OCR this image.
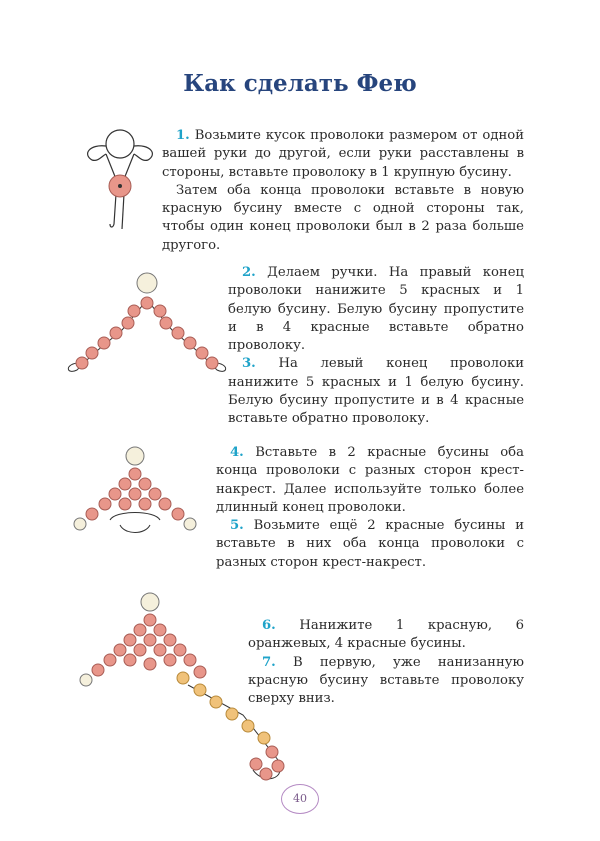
Как сделать Фею

1. Возьмите кусок проволоки размером от одной вашей руки до другой, если руки расставлены в стороны, вставьте проволоку в 1 крупную бусину.

Затем оба конца проволоки вставьте в новую красную бусину вместе с одной стороны так, чтобы один конец проволоки был в 2 раза больше другого.

2. Делаем ручки. На правый конец проволоки нанижите 5 красных и 1 белую бусину. Белую бусину пропустите и в 4 красные вставьте обратно проволоку.

3. На левый конец проволоки нанижите 5 красных и 1 белую бусину. Белую бусину пропустите и в 4 красные вставьте обратно проволоку.

4. Вставьте в 2 красные бусины оба конца проволоки с разных сторон крест-накрест. Далее используйте только более длинный конец проволоки.

5. Возьмите ещё 2 красные бусины и вставьте в них оба конца проволоки с разных сторон крест-накрест.

6. Нанижите 1 красную, 6 оранжевых, 4 красные бусины.

7. В первую, уже нанизанную красную бусину вставьте проволоку сверху вниз.

40
